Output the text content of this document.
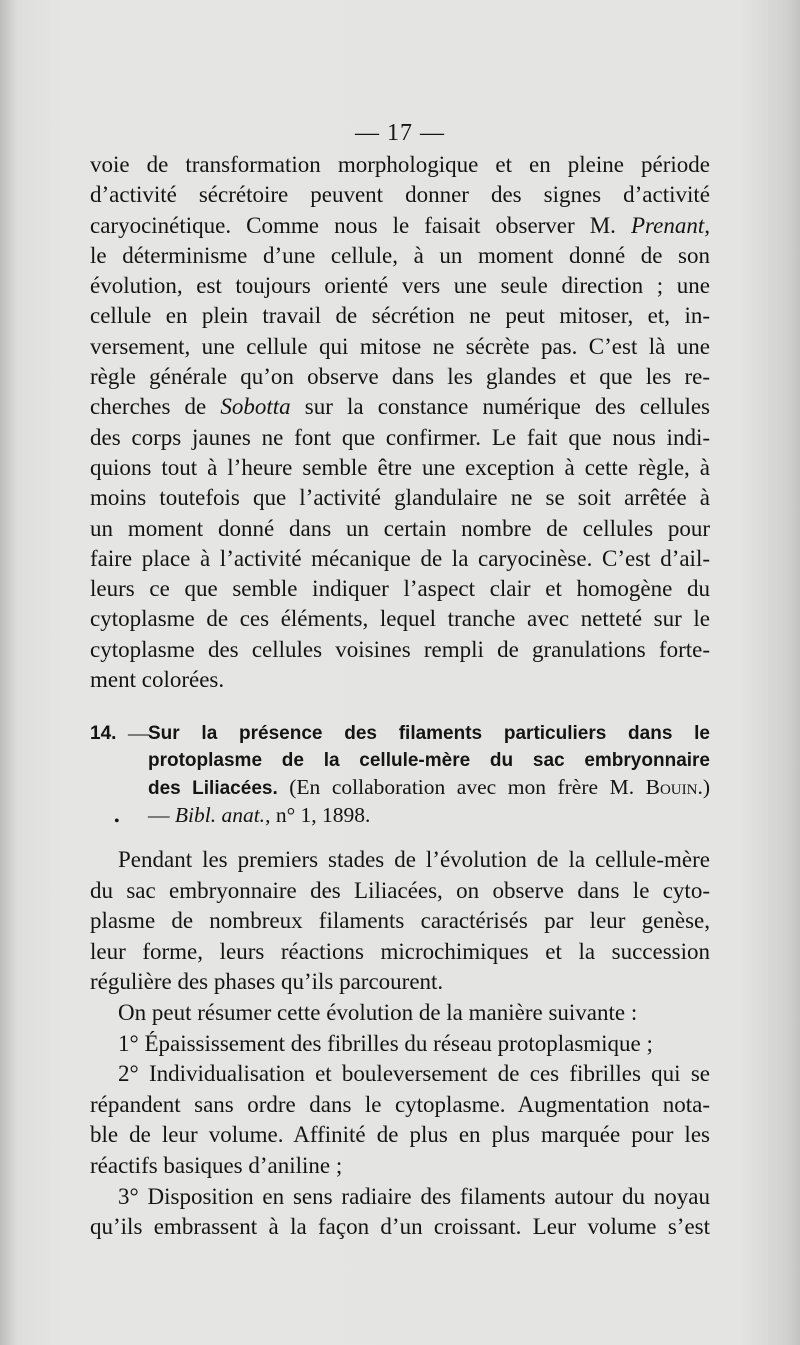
— 17 —
voie de transformation morphologique et en pleine période
d’activité sécrétoire peuvent donner des signes d’activité
caryocinétique. Comme nous le faisait observer M. Prenant,
le déterminisme d’une cellule, à un moment donné de son
évolution, est toujours orienté vers une seule direction ; une
cellule en plein travail de sécrétion ne peut mitoser, et, in-
versement, une cellule qui mitose ne sécrète pas. C’est là une
règle générale qu’on observe dans les glandes et que les re-
cherches de Sobotta sur la constance numérique des cellules
des corps jaunes ne font que confirmer. Le fait que nous indi-
quions tout à l’heure semble être une exception à cette règle, à
moins toutefois que l’activité glandulaire ne se soit arrêtée à
un moment donné dans un certain nombre de cellules pour
faire place à l’activité mécanique de la caryocinèse. C’est d’ail-
leurs ce que semble indiquer l’aspect clair et homogène du
cytoplasme de ces éléments, lequel tranche avec netteté sur le
cytoplasme des cellules voisines rempli de granulations forte-
ment colorées.
14. —
Sur la présence des filaments particuliers dans le
protoplasme de la cellule-mère du sac embryonnaire
des Liliacées. (En collaboration avec mon frère M. Bouin.)
— Bibl. anat., n° 1, 1898.
•
Pendant les premiers stades de l’évolution de la cellule-mère
du sac embryonnaire des Liliacées, on observe dans le cyto-
plasme de nombreux filaments caractérisés par leur genèse,
leur forme, leurs réactions microchimiques et la succession
régulière des phases qu’ils parcourent.
On peut résumer cette évolution de la manière suivante :
1° Épaississement des fibrilles du réseau protoplasmique ;
2° Individualisation et bouleversement de ces fibrilles qui se
répandent sans ordre dans le cytoplasme. Augmentation nota-
ble de leur volume. Affinité de plus en plus marquée pour les
réactifs basiques d’aniline ;
3° Disposition en sens radiaire des filaments autour du noyau
qu’ils embrassent à la façon d’un croissant. Leur volume s’est
